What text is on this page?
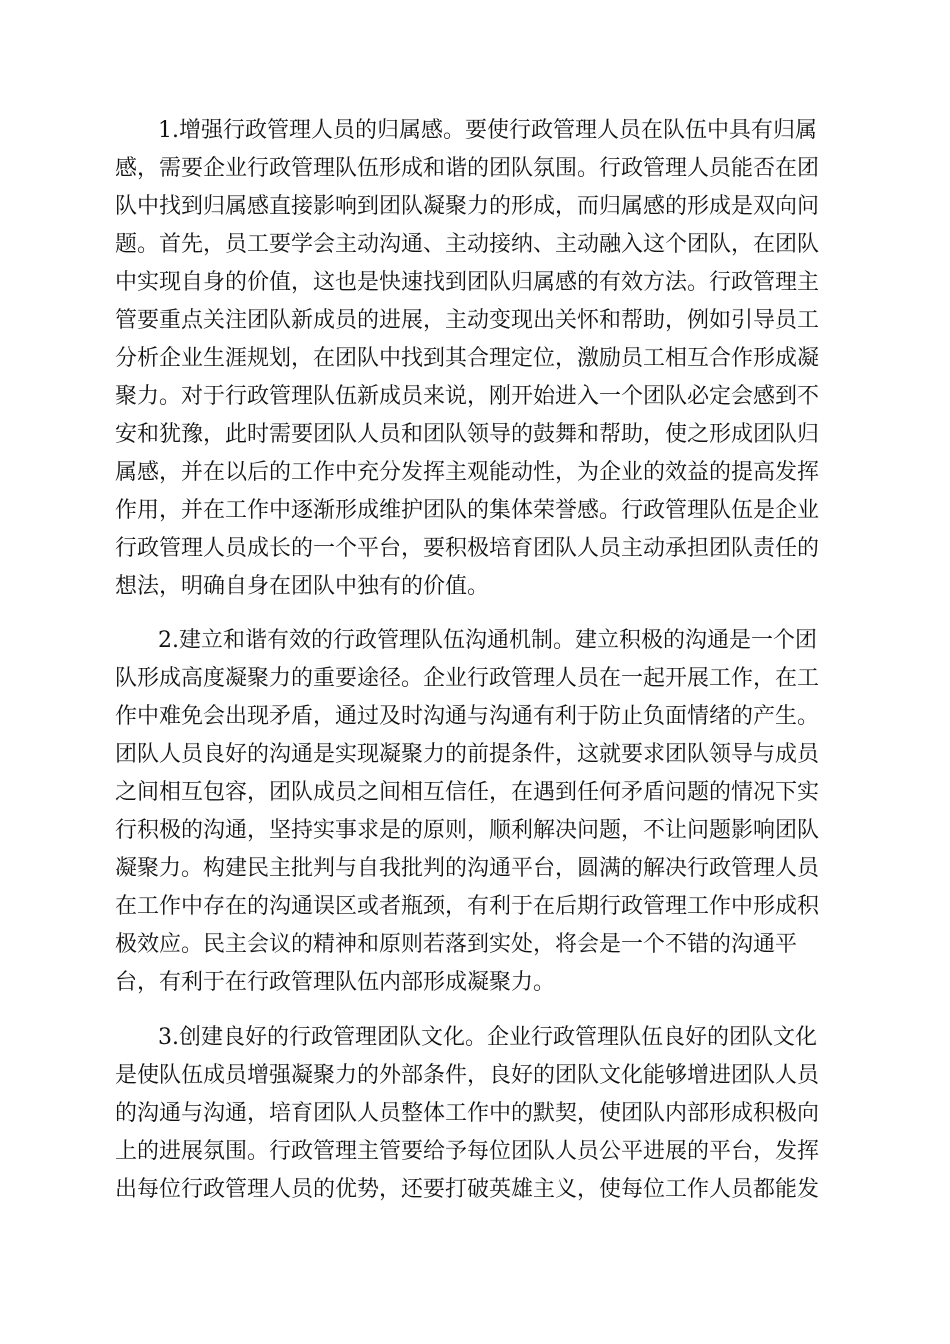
1.增强行政管理人员的归属感。要使行政管理人员在队伍中具有归属

感，需要企业行政管理队伍形成和谐的团队氛围。行政管理人员能否在团

队中找到归属感直接影响到团队凝聚力的形成，而归属感的形成是双向问

题。首先，员工要学会主动沟通、主动接纳、主动融入这个团队，在团队

中实现自身的价值，这也是快速找到团队归属感的有效方法。行政管理主

管要重点关注团队新成员的进展，主动变现出关怀和帮助，例如引导员工

分析企业生涯规划，在团队中找到其合理定位，激励员工相互合作形成凝

聚力。对于行政管理队伍新成员来说，刚开始进入一个团队必定会感到不

安和犹豫，此时需要团队人员和团队领导的鼓舞和帮助，使之形成团队归

属感，并在以后的工作中充分发挥主观能动性，为企业的效益的提高发挥

作用，并在工作中逐渐形成维护团队的集体荣誉感。行政管理队伍是企业

行政管理人员成长的一个平台，要积极培育团队人员主动承担团队责任的

想法，明确自身在团队中独有的价值。

2.建立和谐有效的行政管理队伍沟通机制。建立积极的沟通是一个团

队形成高度凝聚力的重要途径。企业行政管理人员在一起开展工作，在工

作中难免会出现矛盾，通过及时沟通与沟通有利于防止负面情绪的产生。

团队人员良好的沟通是实现凝聚力的前提条件，这就要求团队领导与成员

之间相互包容，团队成员之间相互信任，在遇到任何矛盾问题的情况下实

行积极的沟通，坚持实事求是的原则，顺利解决问题，不让问题影响团队

凝聚力。构建民主批判与自我批判的沟通平台，圆满的解决行政管理人员

在工作中存在的沟通误区或者瓶颈，有利于在后期行政管理工作中形成积

极效应。民主会议的精神和原则若落到实处，将会是一个不错的沟通平

台，有利于在行政管理队伍内部形成凝聚力。

3.创建良好的行政管理团队文化。企业行政管理队伍良好的团队文化

是使队伍成员增强凝聚力的外部条件，良好的团队文化能够增进团队人员

的沟通与沟通，培育团队人员整体工作中的默契，使团队内部形成积极向

上的进展氛围。行政管理主管要给予每位团队人员公平进展的平台，发挥

出每位行政管理人员的优势，还要打破英雄主义，使每位工作人员都能发
